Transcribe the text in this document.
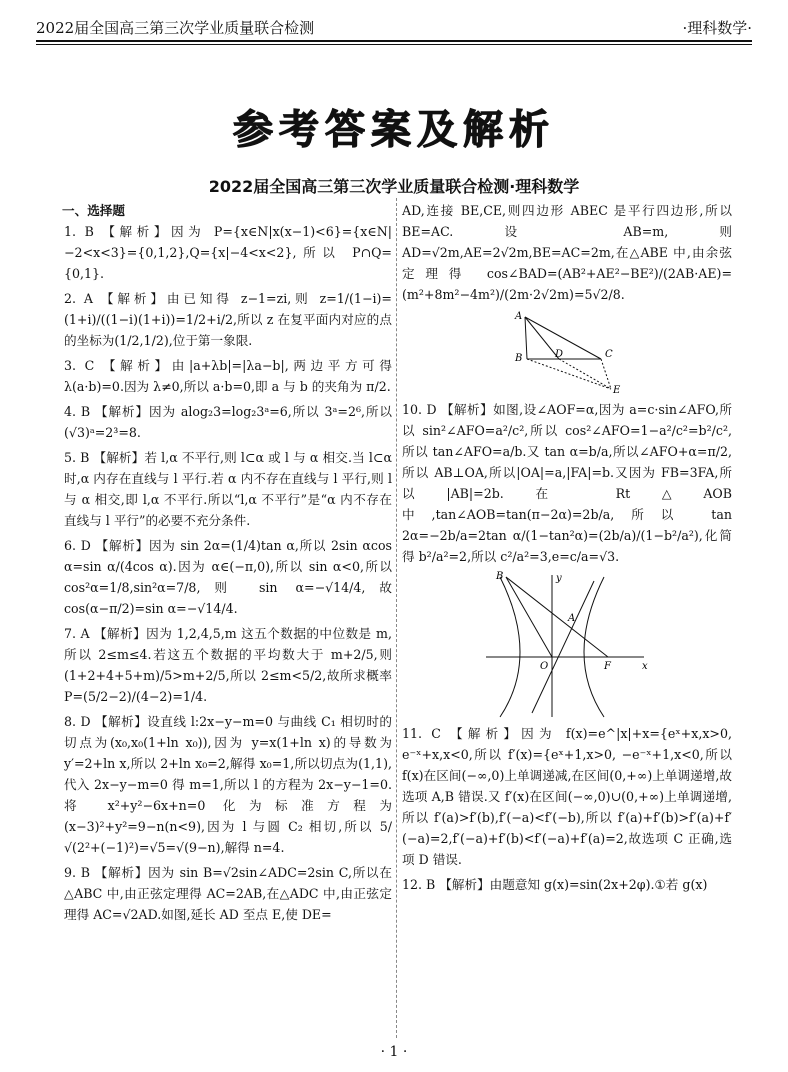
2022届全国高三第三次学业质量联合检测	·理科数学·
参考答案及解析
2022届全国高三第三次学业质量联合检测·理科数学
一、选择题
1. B 【解析】因为 P={x∈N|x(x−1)<6}={x∈N|−2<x<3}={0,1,2},Q={x|−4<x<2},所以 P∩Q={0,1}.
2. A 【解析】由已知得 z−1=zi,则 z=1/(1−i)=(1+i)/((1−i)(1+i))=1/2+i/2,所以 z 在复平面内对应的点的坐标为(1/2,1/2),位于第一象限.
3. C 【解析】由|a+λb|=|λa−b|,两边平方可得 λ(a·b)=0.因为 λ≠0,所以 a·b=0,即 a 与 b 的夹角为 π/2.
4. B 【解析】因为 alog₂3=log₂3ᵃ=6,所以 3ᵃ=2⁶,所以(√3)ᵃ=2³=8.
5. B 【解析】若 l,α 不平行,则 l⊂α 或 l 与 α 相交.当 l⊂α 时,α 内存在直线与 l 平行.若 α 内不存在直线与 l 平行,则 l 与 α 相交,即 l,α 不平行.所以“l,α 不平行”是“α 内不存在直线与 l 平行”的必要不充分条件.
6. D 【解析】因为 sin 2α=(1/4)tan α,所以 2sin αcos α=sin α/(4cos α).因为 α∈(−π,0),所以 sin α<0,所以 cos²α=1/8,sin²α=7/8,则 sin α=−√14/4,故 cos(α−π/2)=sin α=−√14/4.
7. A 【解析】因为 1,2,4,5,m 这五个数据的中位数是 m,所以 2≤m≤4.若这五个数据的平均数大于 m+2/5,则(1+2+4+5+m)/5>m+2/5,所以 2≤m<5/2,故所求概率 P=(5/2−2)/(4−2)=1/4.
8. D 【解析】设直线 l:2x−y−m=0 与曲线 C₁ 相切时的切点为(x₀,x₀(1+ln x₀)),因为 y=x(1+ln x)的导数为 y′=2+ln x,所以 2+ln x₀=2,解得 x₀=1,所以切点为(1,1),代入 2x−y−m=0 得 m=1,所以 l 的方程为 2x−y−1=0.将 x²+y²−6x+n=0 化为标准方程为(x−3)²+y²=9−n(n<9),因为 l 与圆 C₂ 相切,所以 5/√(2²+(−1)²)=√5=√(9−n),解得 n=4.
9. B 【解析】因为 sin B=√2sin∠ADC=2sin C,所以在△ABC 中,由正弦定理得 AC=2AB,在△ADC 中,由正弦定理得 AC=√2AD.如图,延长 AD 至点 E,使 DE=
AD,连接 BE,CE,则四边形 ABEC 是平行四边形,所以 BE=AC.设 AB=m,则 AD=√2m,AE=2√2m,BE=AC=2m,在△ABE 中,由余弦定理得 cos∠BAD=(AB²+AE²−BE²)/(2AB·AE)=(m²+8m²−4m²)/(2m·2√2m)=5√2/8.
A
B	C
D
E
10. D 【解析】如图,设∠AOF=α,因为 a=c·sin∠AFO,所以 sin²∠AFO=a²/c²,所以 cos²∠AFO=1−a²/c²=b²/c²,所以 tan∠AFO=a/b.又 tan α=b/a,所以∠AFO+α=π/2,所以 AB⊥OA,所以|OA|=a,|FA|=b.又因为 FB=3FA,所以|AB|=2b.在 Rt△AOB 中,tan∠AOB=tan(π−2α)=2b/a,所以 tan 2α=−2b/a=2tan α/(1−tan²α)=(2b/a)/(1−b²/a²),化简得 b²/a²=2,所以 c²/a²=3,e=c/a=√3.
B
A
O	F	x
y
11. C 【解析】因为 f(x)=e^|x|+x={eˣ+x,x>0, e⁻ˣ+x,x<0,所以 f′(x)={eˣ+1,x>0, −e⁻ˣ+1,x<0,所以 f(x)在区间(−∞,0)上单调递减,在区间(0,+∞)上单调递增,故选项 A,B 错误.又 f′(x)在区间(−∞,0)∪(0,+∞)上单调递增,所以 f′(a)>f′(b),f′(−a)<f′(−b),所以 f′(a)+f′(b)>f′(a)+f′(−a)=2,f′(−a)+f′(b)<f′(−a)+f′(a)=2,故选项 C 正确,选项 D 错误.
12. B 【解析】由题意知 g(x)=sin(2x+2φ).①若 g(x)
· 1 ·
